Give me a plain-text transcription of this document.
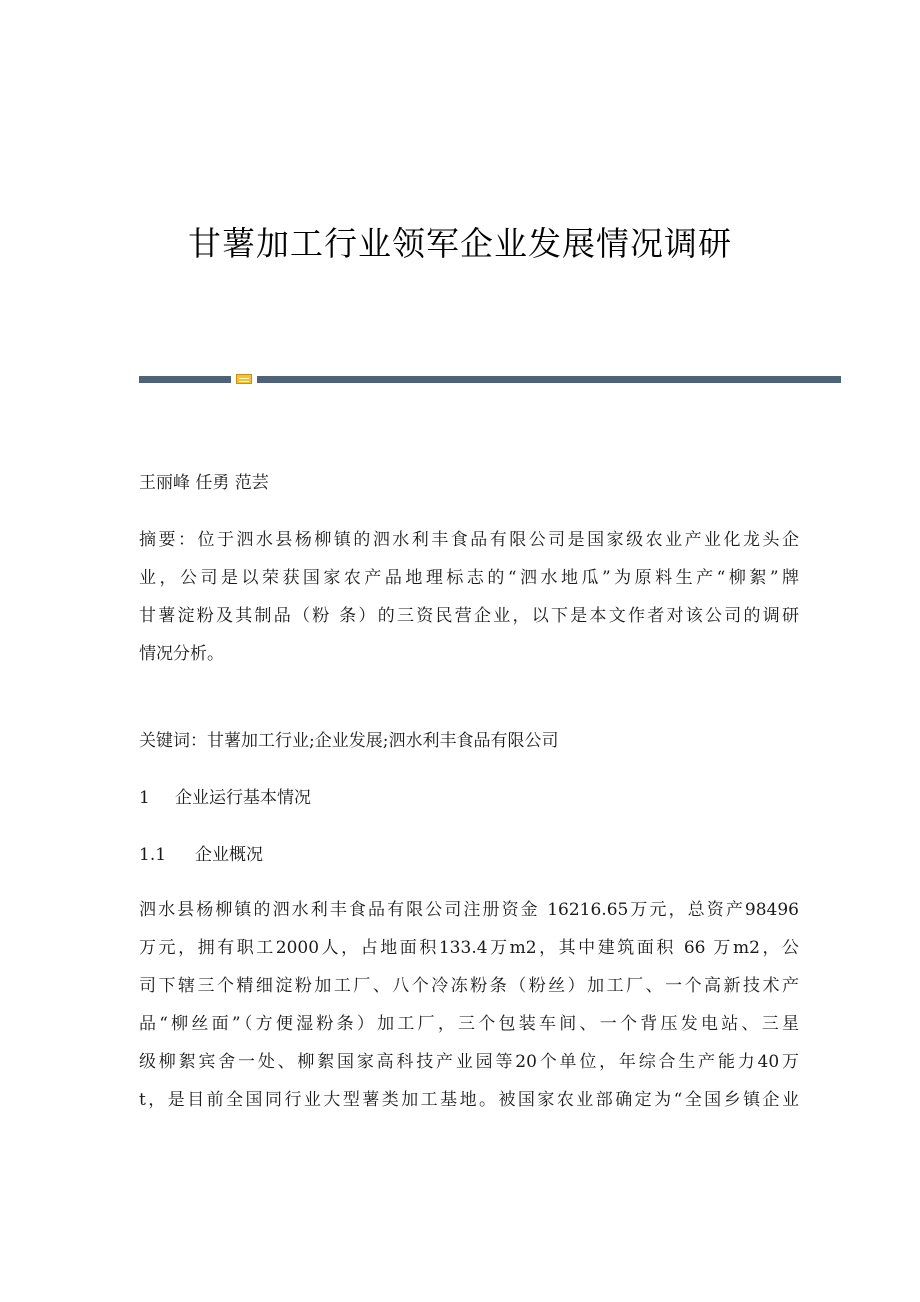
甘薯加工行业领军企业发展情况调研
王丽峰 任勇 范芸
摘要：位于泗水县杨柳镇的泗水利丰食品有限公司是国家级农业产业化龙头企
业，公司是以荣获国家农产品地理标志的“泗水地瓜”为原料生产“柳絮”牌
甘薯淀粉及其制品（粉 条）的三资民营企业，以下是本文作者对该公司的调研
情况分析。
关键词：甘薯加工行业;企业发展;泗水利丰食品有限公司
1 企业运行基本情况
1.1 企业概况
泗水县杨柳镇的泗水利丰食品有限公司注册资金 16216.65万元，总资产98496
万元，拥有职工2000人，占地面积133.4万m2，其中建筑面积 66 万m2，公
司下辖三个精细淀粉加工厂、八个冷冻粉条（粉丝）加工厂、一个高新技术产
品“柳丝面”（方便湿粉条）加工厂，三个包装车间、一个背压发电站、三星
级柳絮宾舍一处、柳絮国家高科技产业园等20个单位，年综合生产能力40万
t，是目前全国同行业大型薯类加工基地。被国家农业部确定为“全国乡镇企业
